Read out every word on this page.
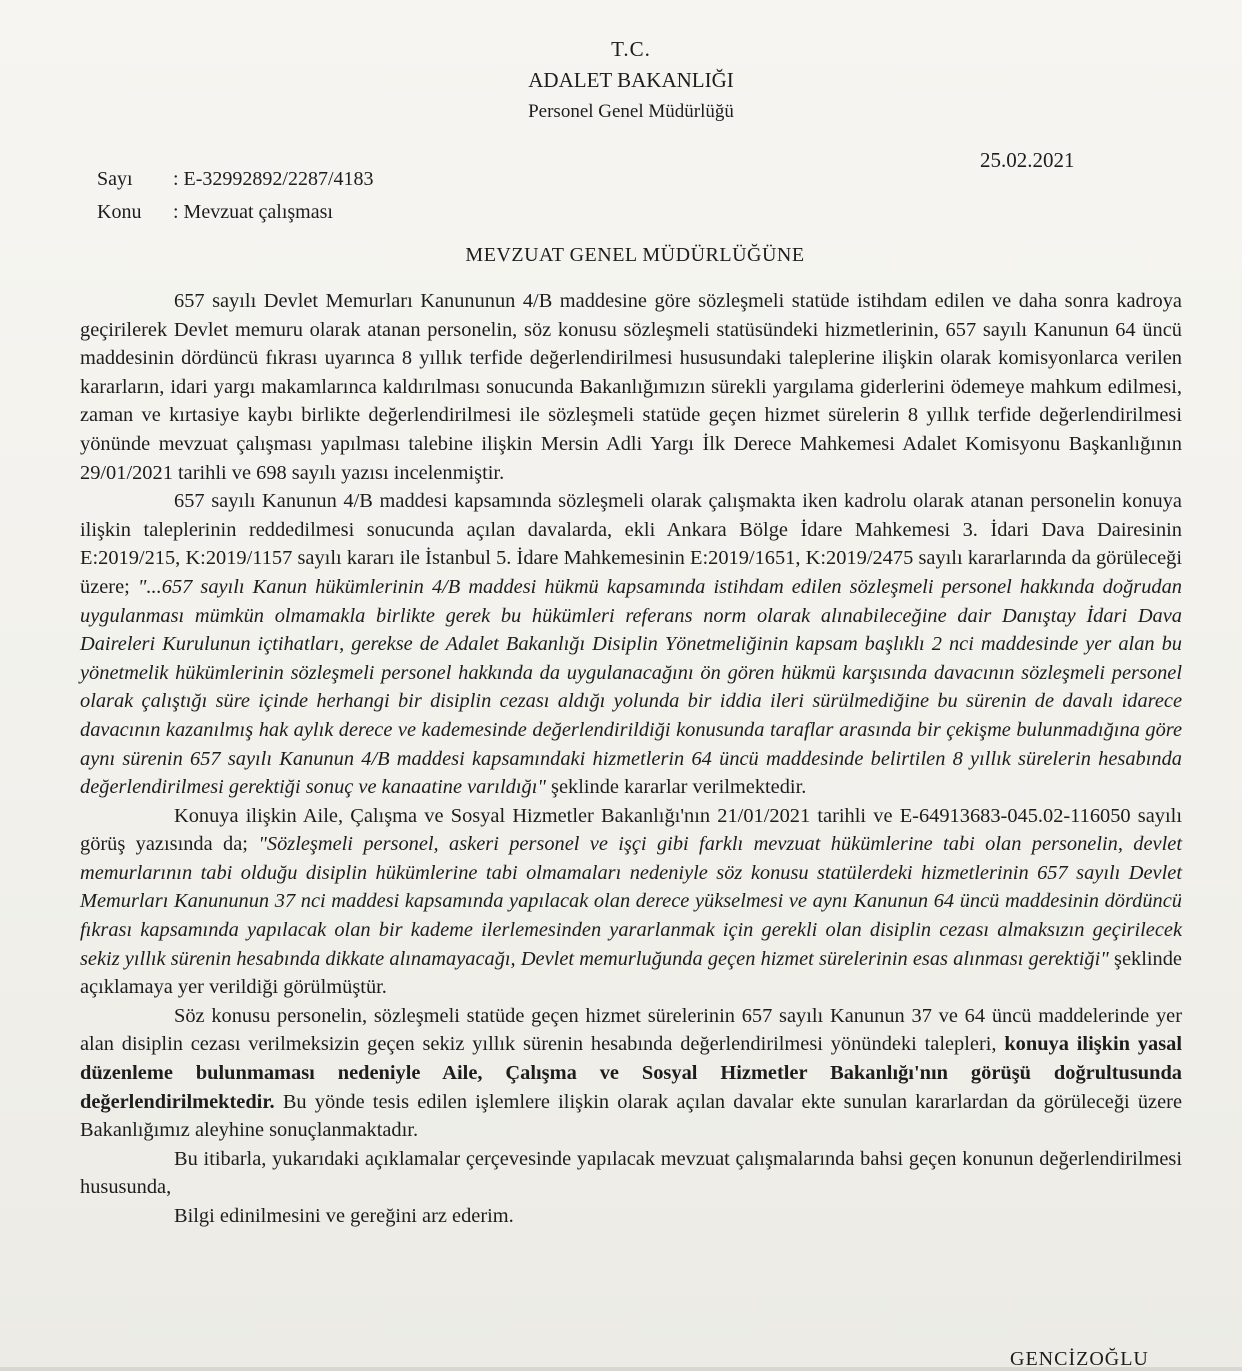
T.C.
ADALET BAKANLIĞI
Personel Genel Müdürlüğü
25.02.2021
Sayı	: E-32992892/2287/4183
Konu	: Mevzuat çalışması
MEVZUAT GENEL MÜDÜRLÜĞÜNE

657 sayılı Devlet Memurları Kanununun 4/B maddesine göre sözleşmeli statüde istihdam edilen ve daha sonra kadroya geçirilerek Devlet memuru olarak atanan personelin, söz konusu sözleşmeli statüsündeki hizmetlerinin, 657 sayılı Kanunun 64 üncü maddesinin dördüncü fıkrası uyarınca 8 yıllık terfide değerlendirilmesi hususundaki taleplerine ilişkin olarak komisyonlarca verilen kararların, idari yargı makamlarınca kaldırılması sonucunda Bakanlığımızın sürekli yargılama giderlerini ödemeye mahkum edilmesi, zaman ve kırtasiye kaybı birlikte değerlendirilmesi ile sözleşmeli statüde geçen hizmet sürelerin 8 yıllık terfide değerlendirilmesi yönünde mevzuat çalışması yapılması talebine ilişkin Mersin Adli Yargı İlk Derece Mahkemesi Adalet Komisyonu Başkanlığının 29/01/2021 tarihli ve 698 sayılı yazısı incelenmiştir.

657 sayılı Kanunun 4/B maddesi kapsamında sözleşmeli olarak çalışmakta iken kadrolu olarak atanan personelin konuya ilişkin taleplerinin reddedilmesi sonucunda açılan davalarda, ekli Ankara Bölge İdare Mahkemesi 3. İdari Dava Dairesinin E:2019/215, K:2019/1157 sayılı kararı ile İstanbul 5. İdare Mahkemesinin E:2019/1651, K:2019/2475 sayılı kararlarında da görüleceği üzere; "...657 sayılı Kanun hükümlerinin 4/B maddesi hükmü kapsamında istihdam edilen sözleşmeli personel hakkında doğrudan uygulanması mümkün olmamakla birlikte gerek bu hükümleri referans norm olarak alınabileceğine dair Danıştay İdari Dava Daireleri Kurulunun içtihatları, gerekse de Adalet Bakanlığı Disiplin Yönetmeliğinin kapsam başlıklı 2 nci maddesinde yer alan bu yönetmelik hükümlerinin sözleşmeli personel hakkında da uygulanacağını ön gören hükmü karşısında davacının sözleşmeli personel olarak çalıştığı süre içinde herhangi bir disiplin cezası aldığı yolunda bir iddia ileri sürülmediğine bu sürenin de davalı idarece davacının kazanılmış hak aylık derece ve kademesinde değerlendirildiği konusunda taraflar arasında bir çekişme bulunmadığına göre aynı sürenin 657 sayılı Kanunun 4/B maddesi kapsamındaki hizmetlerin 64 üncü maddesinde belirtilen 8 yıllık sürelerin hesabında değerlendirilmesi gerektiği sonuç ve kanaatine varıldığı" şeklinde kararlar verilmektedir.

Konuya ilişkin Aile, Çalışma ve Sosyal Hizmetler Bakanlığı'nın 21/01/2021 tarihli ve E-64913683-045.02-116050 sayılı görüş yazısında da; "Sözleşmeli personel, askeri personel ve işçi gibi farklı mevzuat hükümlerine tabi olan personelin, devlet memurlarının tabi olduğu disiplin hükümlerine tabi olmamaları nedeniyle söz konusu statülerdeki hizmetlerinin 657 sayılı Devlet Memurları Kanununun 37 nci maddesi kapsamında yapılacak olan derece yükselmesi ve aynı Kanunun 64 üncü maddesinin dördüncü fıkrası kapsamında yapılacak olan bir kademe ilerlemesinden yararlanmak için gerekli olan disiplin cezası almaksızın geçirilecek sekiz yıllık sürenin hesabında dikkate alınamayacağı, Devlet memurluğunda geçen hizmet sürelerinin esas alınması gerektiği" şeklinde açıklamaya yer verildiği görülmüştür.

Söz konusu personelin, sözleşmeli statüde geçen hizmet sürelerinin 657 sayılı Kanunun 37 ve 64 üncü maddelerinde yer alan disiplin cezası verilmeksizin geçen sekiz yıllık sürenin hesabında değerlendirilmesi yönündeki talepleri, konuya ilişkin yasal düzenleme bulunmaması nedeniyle Aile, Çalışma ve Sosyal Hizmetler Bakanlığı'nın görüşü doğrultusunda değerlendirilmektedir. Bu yönde tesis edilen işlemlere ilişkin olarak açılan davalar ekte sunulan kararlardan da görüleceği üzere Bakanlığımız aleyhine sonuçlanmaktadır.

Bu itibarla, yukarıdaki açıklamalar çerçevesinde yapılacak mevzuat çalışmalarında bahsi geçen konunun değerlendirilmesi hususunda,

Bilgi edinilmesini ve gereğini arz ederim.

GENCİZOĞLU
